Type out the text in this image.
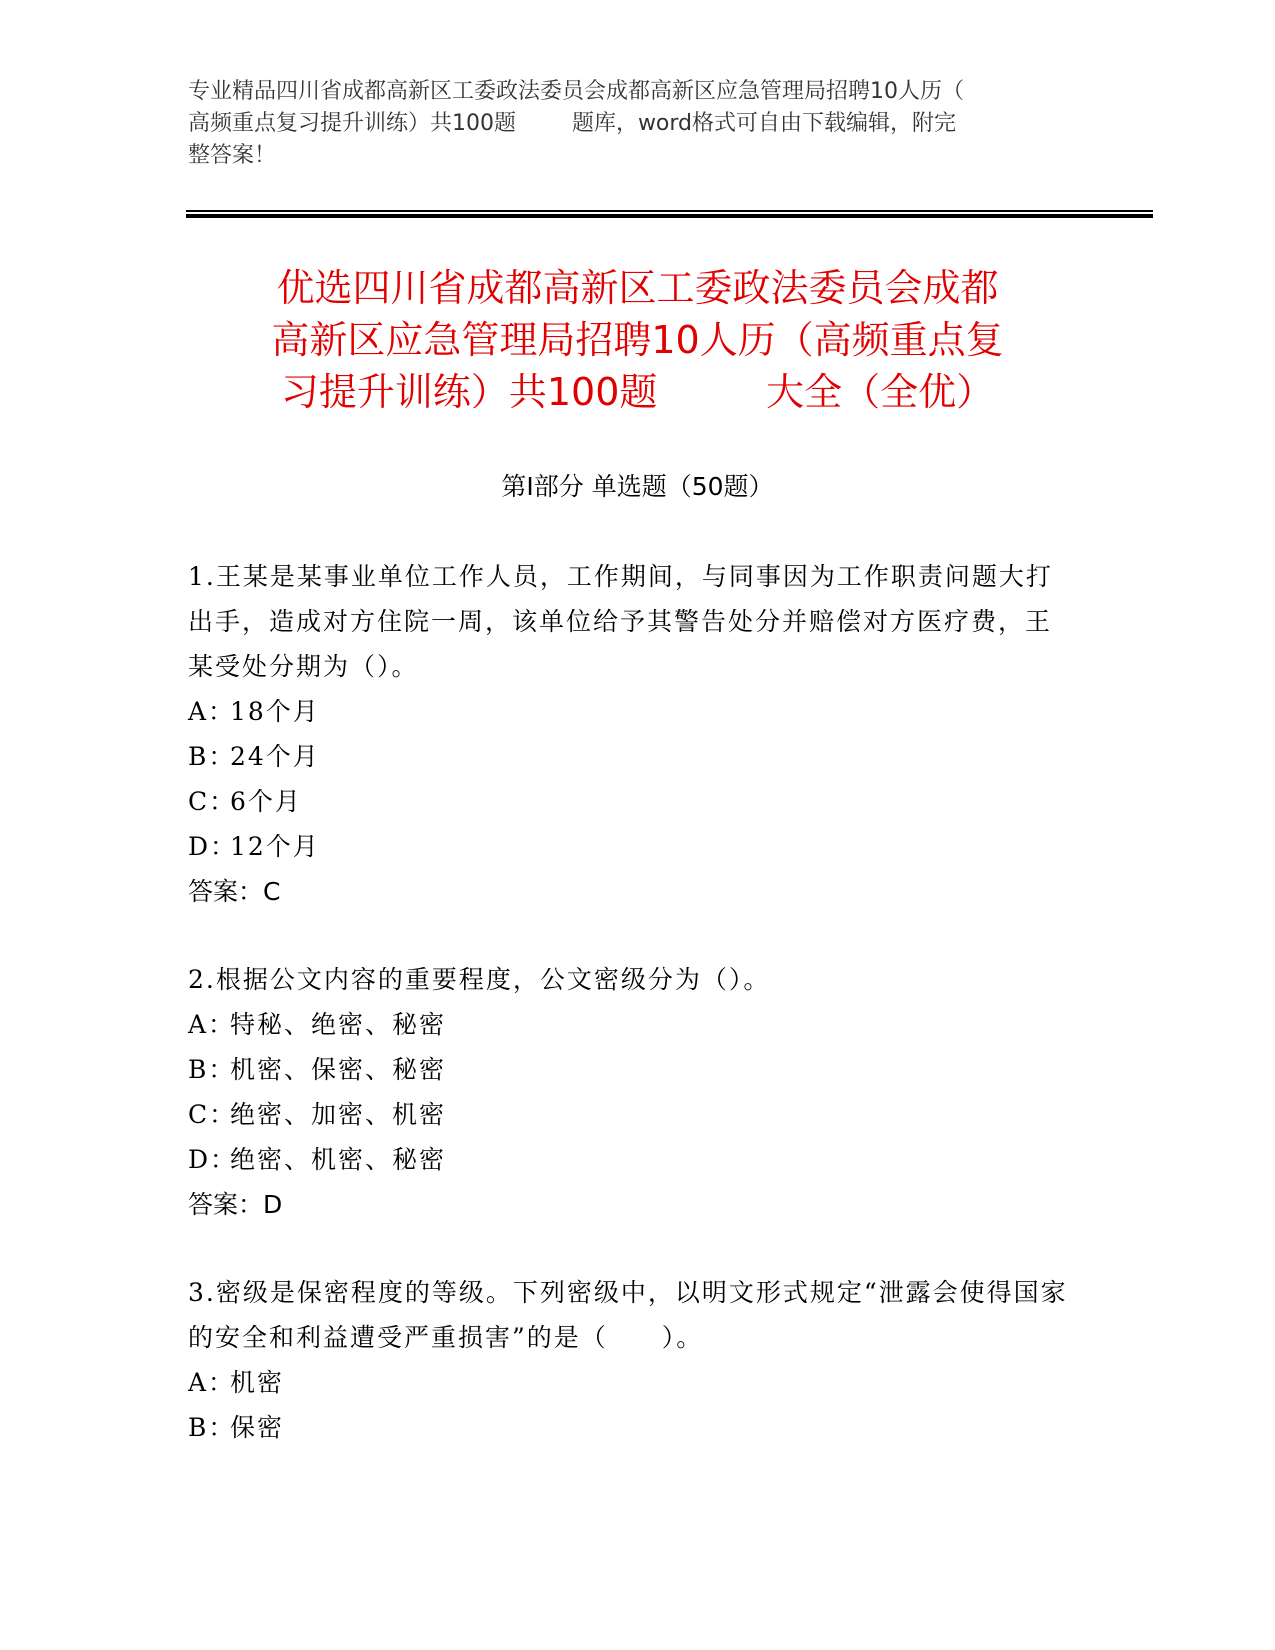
专业精品四川省成都高新区工委政法委员会成都高新区应急管理局招聘10人历（
高频重点复习提升训练）共100题        题库，word格式可自由下载编辑，附完
整答案！

优选四川省成都高新区工委政法委员会成都
高新区应急管理局招聘10人历（高频重点复
习提升训练）共100题         大全（全优）
第Ⅰ部分 单选题（50题）

1.王某是某事业单位工作人员，工作期间，与同事因为工作职责问题大打出手，造成对方住院一周，该单位给予其警告处分并赔偿对方医疗费，王某受处分期为（）。

A：
18个月
B：
24个月
C：
6个月
D：
12个月

答案：C

2.根据公文内容的重要程度，公文密级分为（）。

A：
特秘、绝密、秘密
B：
机密、保密、秘密
C：
绝密、加密、机密
D：
绝密、机密、秘密

答案：D

3.密级是保密程度的等级。下列密级中，以明文形式规定“泄露会使得国家的安全和利益遭受严重损害”的是（　　）。

A：
机密
B：
保密
